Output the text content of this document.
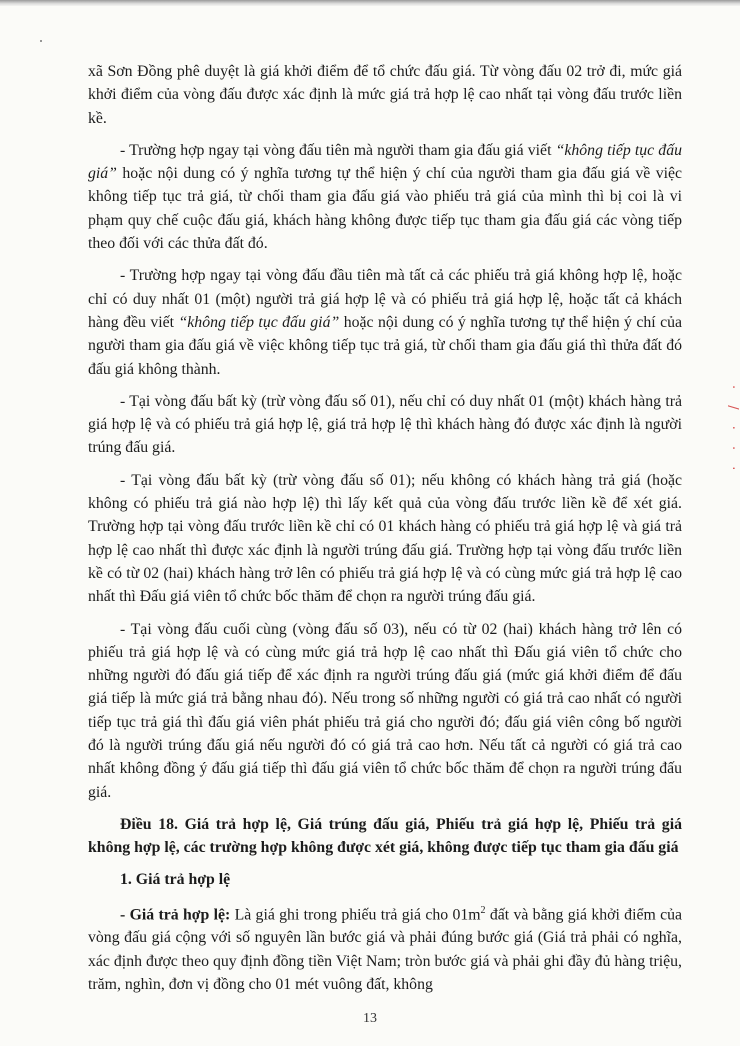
xã Sơn Đồng phê duyệt là giá khởi điểm để tổ chức đấu giá. Từ vòng đấu 02 trở đi, mức giá khởi điểm của vòng đấu được xác định là mức giá trả hợp lệ cao nhất tại vòng đấu trước liền kề.

- Trường hợp ngay tại vòng đấu tiên mà người tham gia đấu giá viết “không tiếp tục đấu giá” hoặc nội dung có ý nghĩa tương tự thể hiện ý chí của người tham gia đấu giá về việc không tiếp tục trả giá, từ chối tham gia đấu giá vào phiếu trả giá của mình thì bị coi là vi phạm quy chế cuộc đấu giá, khách hàng không được tiếp tục tham gia đấu giá các vòng tiếp theo đối với các thửa đất đó.

- Trường hợp ngay tại vòng đấu đầu tiên mà tất cả các phiếu trả giá không hợp lệ, hoặc chỉ có duy nhất 01 (một) người trả giá hợp lệ và có phiếu trả giá hợp lệ, hoặc tất cả khách hàng đều viết “không tiếp tục đấu giá” hoặc nội dung có ý nghĩa tương tự thể hiện ý chí của người tham gia đấu giá về việc không tiếp tục trả giá, từ chối tham gia đấu giá thì thửa đất đó đấu giá không thành.

- Tại vòng đấu bất kỳ (trừ vòng đấu số 01), nếu chỉ có duy nhất 01 (một) khách hàng trả giá hợp lệ và có phiếu trả giá hợp lệ, giá trả hợp lệ thì khách hàng đó được xác định là người trúng đấu giá.

- Tại vòng đấu bất kỳ (trừ vòng đấu số 01); nếu không có khách hàng trả giá (hoặc không có phiếu trả giá nào hợp lệ) thì lấy kết quả của vòng đấu trước liền kề để xét giá. Trường hợp tại vòng đấu trước liền kề chỉ có 01 khách hàng có phiếu trả giá hợp lệ và giá trả hợp lệ cao nhất thì được xác định là người trúng đấu giá. Trường hợp tại vòng đấu trước liền kề có từ 02 (hai) khách hàng trở lên có phiếu trả giá hợp lệ và có cùng mức giá trả hợp lệ cao nhất thì Đấu giá viên tổ chức bốc thăm để chọn ra người trúng đấu giá.

- Tại vòng đấu cuối cùng (vòng đấu số 03), nếu có từ 02 (hai) khách hàng trở lên có phiếu trả giá hợp lệ và có cùng mức giá trả hợp lệ cao nhất thì Đấu giá viên tổ chức cho những người đó đấu giá tiếp để xác định ra người trúng đấu giá (mức giá khởi điểm để đấu giá tiếp là mức giá trả bằng nhau đó). Nếu trong số những người có giá trả cao nhất có người tiếp tục trả giá thì đấu giá viên phát phiếu trả giá cho người đó; đấu giá viên công bố người đó là người trúng đấu giá nếu người đó có giá trả cao hơn. Nếu tất cả người có giá trả cao nhất không đồng ý đấu giá tiếp thì đấu giá viên tổ chức bốc thăm để chọn ra người trúng đấu giá.

Điều 18. Giá trả hợp lệ, Giá trúng đấu giá, Phiếu trả giá hợp lệ, Phiếu trả giá không hợp lệ, các trường hợp không được xét giá, không được tiếp tục tham gia đấu giá

1. Giá trả hợp lệ

- Giá trả hợp lệ: Là giá ghi trong phiếu trả giá cho $01m^2$ đất và bằng giá khởi điểm của vòng đấu giá cộng với số nguyên lần bước giá và phải đúng bước giá (Giá trả phải có nghĩa, xác định được theo quy định đồng tiền Việt Nam; tròn bước giá và phải ghi đầy đủ hàng triệu, trăm, nghìn, đơn vị đồng cho 01 mét vuông đất, không

13
· / · · ·
